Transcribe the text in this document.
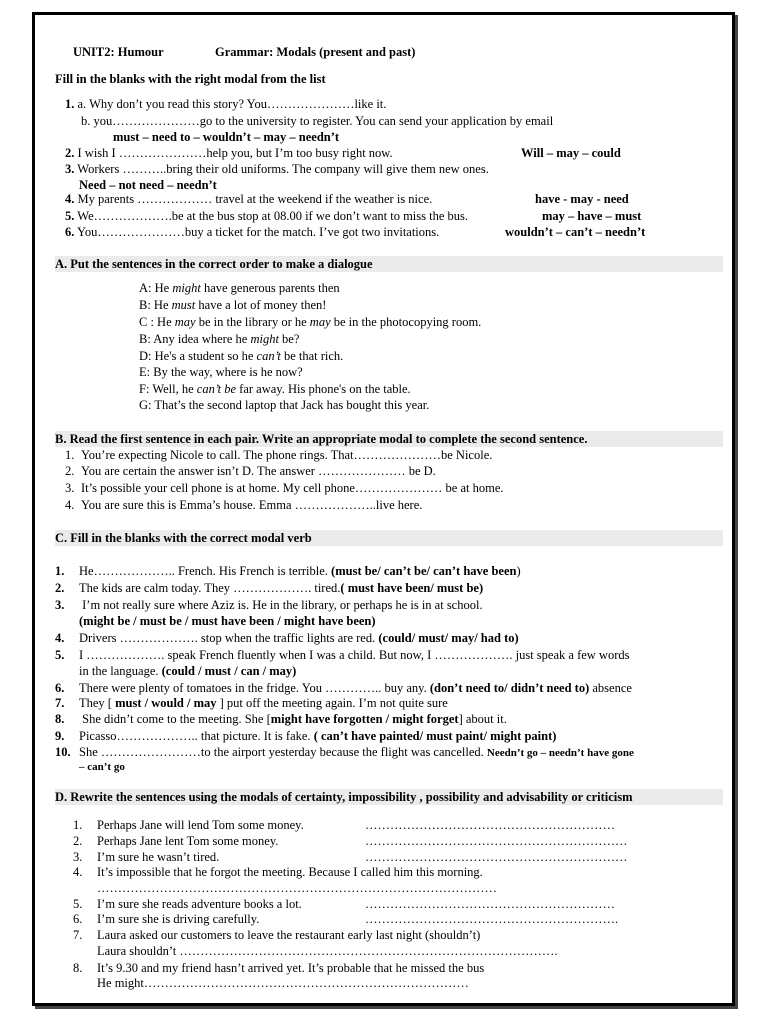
UNIT2: Humour	Grammar: Modals (present and past)
Fill in the blanks with the right modal from the list
1. a. Why don’t you read this story? You…………………like it.
b. you…………………go to the university to register. You can send your application by email
must – need to – wouldn’t – may – needn’t
2. I wish I …………………help you, but I’m too busy right now.	Will – may – could
3. Workers ………..bring their old uniforms. The company will give them new ones.
Need – not need – needn’t
4. My parents ……………… travel at the weekend if the weather is nice.	have - may - need
5. We……………….be at the bus stop at 08.00 if we don’t want to miss the bus.	may – have – must
6. You…………………buy a ticket for the match. I’ve got two invitations.	wouldn’t – can’t – needn’t
A. Put the sentences in the correct order to make a dialogue
A: He might have generous parents then
B: He must have a lot of money then!
C : He may be in the library or he may be in the photocopying room.
B: Any idea where he might be?
D: He's a student so he can’t be that rich.
E: By the way, where is he now?
F: Well, he can’t be far away. His phone's on the table.
G: That’s the second laptop that Jack has bought this year.
B. Read the first sentence in each pair. Write an appropriate modal to complete the second sentence.
1. You’re expecting Nicole to call. The phone rings. That…………………be Nicole.
2. You are certain the answer isn’t D. The answer ………………… be D.
3. It’s possible your cell phone is at home. My cell phone………………… be at home.
4. You are sure this is Emma’s house. Emma ………………..live here.
C. Fill in the blanks with the correct modal verb
1. He……………….. French. His French is terrible. (must be/ can’t be/ can’t have been)
2. The kids are calm today. They ………………. tired.( must have been/ must be)
3. I’m not really sure where Aziz is. He in the library, or perhaps he is in at school.
(might be / must be / must have been / might have been)
4. Drivers ………………. stop when the traffic lights are red. (could/ must/ may/ had to)
5. I ………………. speak French fluently when I was a child. But now, I ………………. just speak a few words
in the language. (could / must / can / may)
6. There were plenty of tomatoes in the fridge. You ………….. buy any. (don’t need to/ didn’t need to) absence
7. They [ must / would / may ] put off the meeting again. I’m not quite sure
8. She didn’t come to the meeting. She [might have forgotten / might forget] about it.
9. Picasso……………….. that picture. It is fake. ( can’t have painted/ must paint/ might paint)
10. She ……………………to the airport yesterday because the flight was cancelled. Needn’t go – needn’t have gone
– can’t go
D. Rewrite the sentences using the modals of certainty, impossibility , possibility and advisability or criticism
1. Perhaps Jane will lend Tom some money.	……………………………………………………
2. Perhaps Jane lent Tom some money.	………………………………………………………
3. I’m sure he wasn’t tired.	………………………………………………………
4. It’s impossible that he forgot the meeting. Because I called him this morning.
……………………………………………………………………………………
5. I’m sure she reads adventure books a lot.	……………………………………………………
6. I’m sure she is driving carefully.	…………………………………………………….
7. Laura asked our customers to leave the restaurant early last night (shouldn’t)
Laura shouldn’t ……………………………………………………………………………….
8. It’s 9.30 and my friend hasn’t arrived yet. It’s probable that he missed the bus
He might……………………………………………………………………
